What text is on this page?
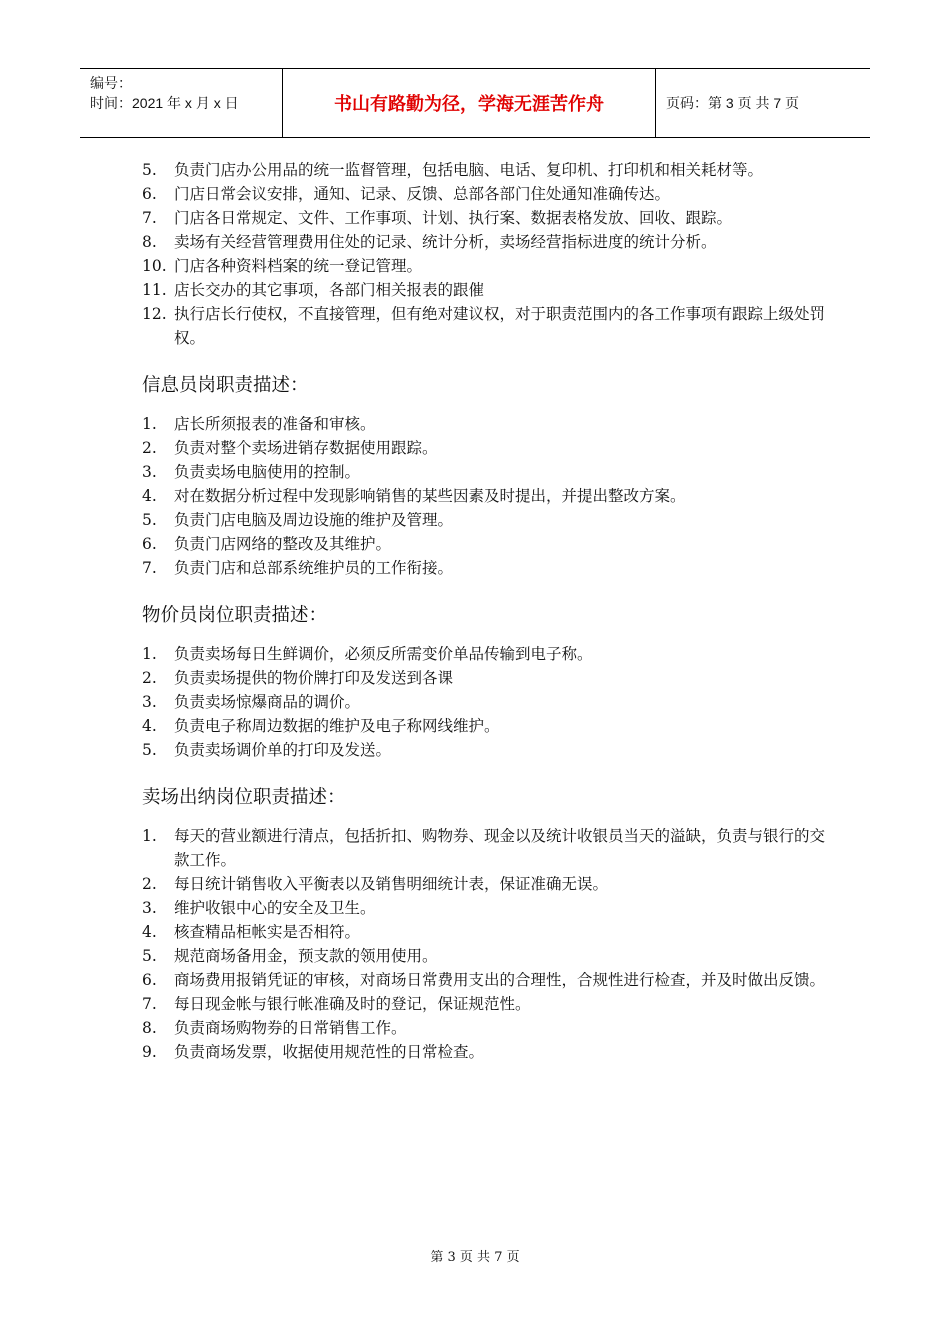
编号：
时间：2021 年 x 月 x 日	书山有路勤为径，学海无涯苦作舟	页码：第 3 页 共 7 页
5.	负责门店办公用品的统一监督管理，包括电脑、电话、复印机、打印机和相关耗材等。
6.	门店日常会议安排，通知、记录、反馈、总部各部门住处通知准确传达。
7.	门店各日常规定、文件、工作事项、计划、执行案、数据表格发放、回收、跟踪。
8.	卖场有关经营管理费用住处的记录、统计分析，卖场经营指标进度的统计分析。
10. 门店各种资料档案的统一登记管理。
11. 店长交办的其它事项，各部门相关报表的跟催
12. 执行店长行使权，不直接管理，但有绝对建议权，对于职责范围内的各工作事项有跟踪上级处罚权。
信息员岗职责描述：
1.	店长所须报表的准备和审核。
2.	负责对整个卖场进销存数据使用跟踪。
3.	负责卖场电脑使用的控制。
4.	对在数据分析过程中发现影响销售的某些因素及时提出，并提出整改方案。
5.	负责门店电脑及周边设施的维护及管理。
6.	负责门店网络的整改及其维护。
7.	负责门店和总部系统维护员的工作衔接。
物价员岗位职责描述：
1.	负责卖场每日生鲜调价，必须反所需变价单品传输到电子称。
2.	负责卖场提供的物价牌打印及发送到各课
3.	负责卖场惊爆商品的调价。
4.	负责电子称周边数据的维护及电子称网线维护。
5.	负责卖场调价单的打印及发送。
卖场出纳岗位职责描述：
1.	每天的营业额进行清点，包括折扣、购物券、现金以及统计收银员当天的溢缺，负责与银行的交款工作。
2.	每日统计销售收入平衡表以及销售明细统计表，保证准确无误。
3.	维护收银中心的安全及卫生。
4.	核查精品柜帐实是否相符。
5.	规范商场备用金，预支款的领用使用。
6.	商场费用报销凭证的审核，对商场日常费用支出的合理性，合规性进行检查，并及时做出反馈。
7.	每日现金帐与银行帐准确及时的登记，保证规范性。
8.	负责商场购物券的日常销售工作。
9.	负责商场发票，收据使用规范性的日常检查。
第 3 页 共 7 页
